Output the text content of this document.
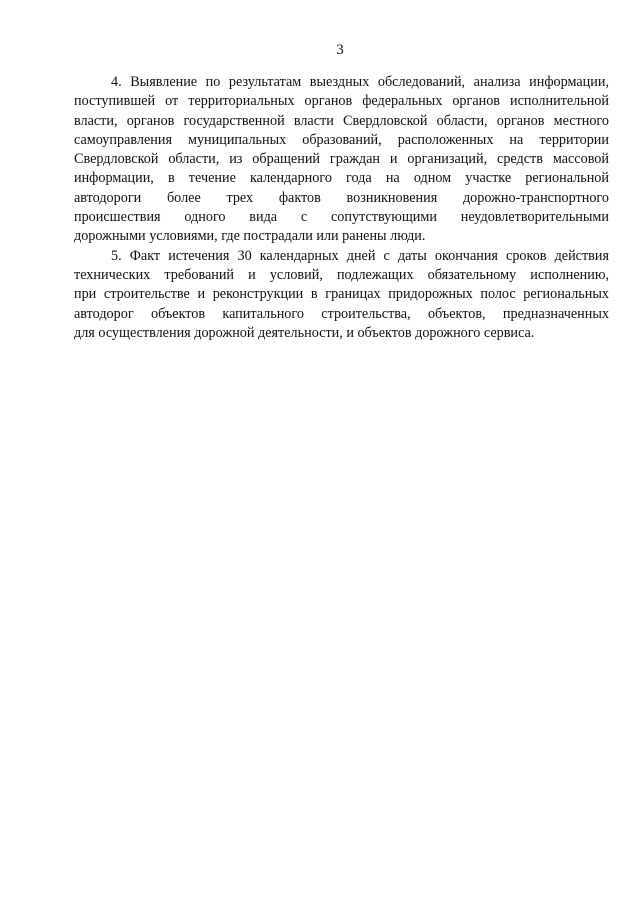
3
4. Выявление по результатам выездных обследований, анализа информации,
поступившей от территориальных органов федеральных органов исполнительной
власти, органов государственной власти Свердловской области, органов местного
самоуправления муниципальных образований, расположенных на территории
Свердловской области, из обращений граждан и организаций, средств массовой
информации, в течение календарного года на одном участке региональной
автодороги более трех фактов возникновения дорожно-транспортного
происшествия одного вида с сопутствующими неудовлетворительными
дорожными условиями, где пострадали или ранены люди.
5. Факт истечения 30 календарных дней с даты окончания сроков действия
технических требований и условий, подлежащих обязательному исполнению,
при строительстве и реконструкции в границах придорожных полос региональных
автодорог объектов капитального строительства, объектов, предназначенных
для осуществления дорожной деятельности, и объектов дорожного сервиса.
